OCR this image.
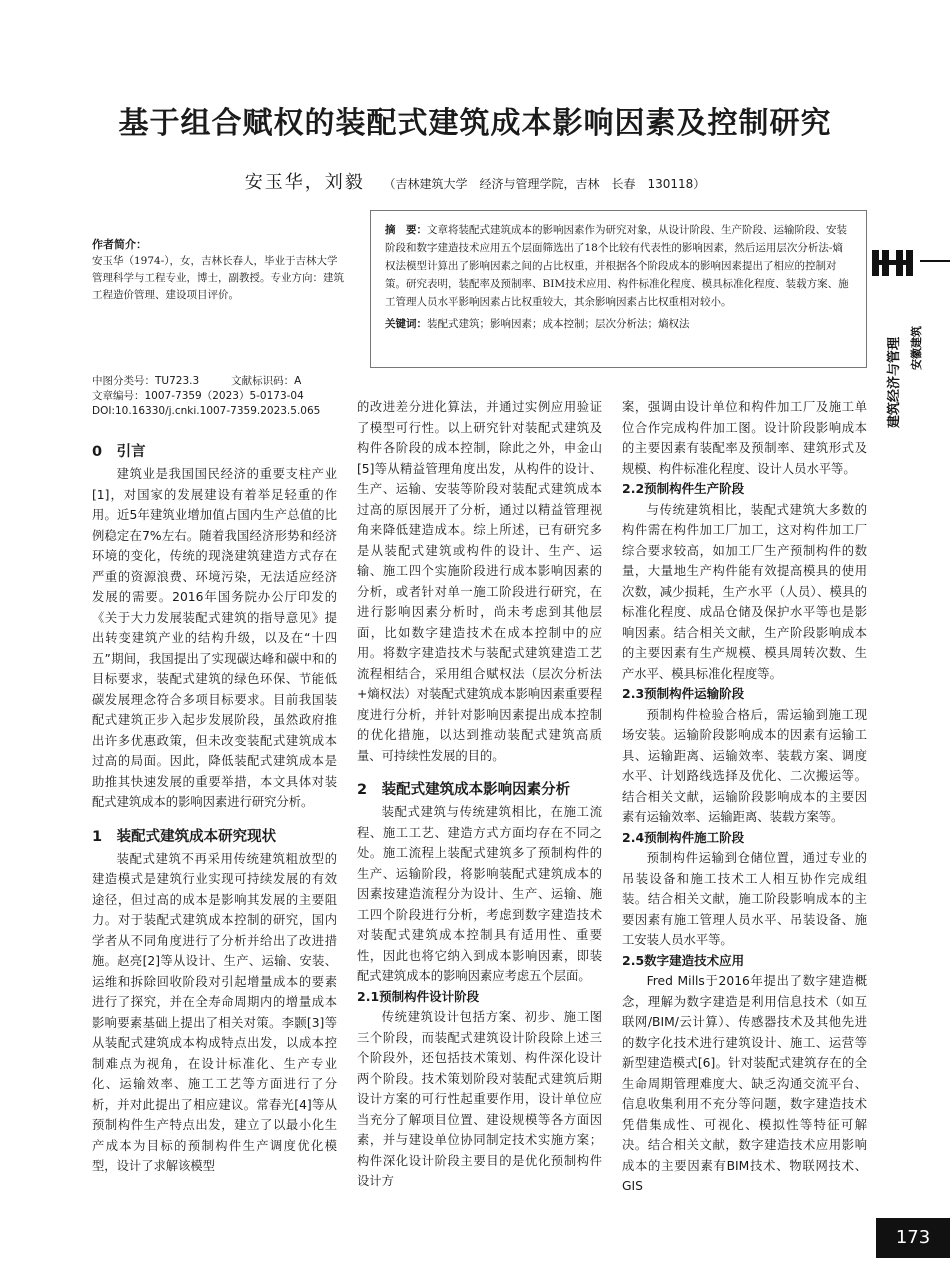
基于组合赋权的装配式建筑成本影响因素及控制研究
安玉华，刘毅 （吉林建筑大学　经济与管理学院，吉林　长春　130118）
作者简介：
安玉华（1974-），女，吉林长春人，毕业于吉林大学管理科学与工程专业，博士，副教授。专业方向：建筑工程造价管理、建设项目评价。

摘　要：文章将装配式建筑成本的影响因素作为研究对象，从设计阶段、生产阶段、运输阶段、安装阶段和数字建造技术应用五个层面筛选出了18个比较有代表性的影响因素，然后运用层次分析法-熵权法模型计算出了影响因素之间的占比权重，并根据各个阶段成本的影响因素提出了相应的控制对策。研究表明，装配率及预制率、BIM技术应用、构件标准化程度、模具标准化程度、装载方案、施工管理人员水平影响因素占比权重较大，其余影响因素占比权重相对较小。

关键词：装配式建筑；影响因素；成本控制；层次分析法；熵权法

中图分类号：TU723.3	文献标识码：A
文章编号：1007-7359（2023）5-0173-04
DOI:10.16330/j.cnki.1007-7359.2023.5.065
0　引言

建筑业是我国国民经济的重要支柱产业[1]，对国家的发展建设有着举足轻重的作用。近5年建筑业增加值占国内生产总值的比例稳定在7%左右。随着我国经济形势和经济环境的变化，传统的现浇建筑建造方式存在严重的资源浪费、环境污染，无法适应经济发展的需要。2016年国务院办公厅印发的《关于大力发展装配式建筑的指导意见》提出转变建筑产业的结构升级，以及在“十四五”期间，我国提出了实现碳达峰和碳中和的目标要求，装配式建筑的绿色环保、节能低碳发展理念符合多项目标要求。目前我国装配式建筑正步入起步发展阶段，虽然政府推出许多优惠政策，但未改变装配式建筑成本过高的局面。因此，降低装配式建筑成本是助推其快速发展的重要举措，本文具体对装配式建筑成本的影响因素进行研究分析。

1　装配式建筑成本研究现状

装配式建筑不再采用传统建筑粗放型的建造模式是建筑行业实现可持续发展的有效途径，但过高的成本是影响其发展的主要阻力。对于装配式建筑成本控制的研究，国内学者从不同角度进行了分析并给出了改进措施。赵亮[2]等从设计、生产、运输、安装、运维和拆除回收阶段对引起增量成本的要素进行了探究，并在全寿命周期内的增量成本影响要素基础上提出了相关对策。李颢[3]等从装配式建筑成本构成特点出发，以成本控制难点为视角，在设计标准化、生产专业化、运输效率、施工工艺等方面进行了分析，并对此提出了相应建议。常春光[4]等从预制构件生产特点出发，建立了以最小化生产成本为目标的预制构件生产调度优化模型，设计了求解该模型

的改进差分进化算法，并通过实例应用验证了模型可行性。以上研究针对装配式建筑及构件各阶段的成本控制，除此之外，申金山[5]等从精益管理角度出发，从构件的设计、生产、运输、安装等阶段对装配式建筑成本过高的原因展开了分析，通过以精益管理视角来降低建造成本。综上所述，已有研究多是从装配式建筑或构件的设计、生产、运输、施工四个实施阶段进行成本影响因素的分析，或者针对单一施工阶段进行研究，在进行影响因素分析时，尚未考虑到其他层面，比如数字建造技术在成本控制中的应用。将数字建造技术与装配式建筑建造工艺流程相结合，采用组合赋权法（层次分析法+熵权法）对装配式建筑成本影响因素重要程度进行分析，并针对影响因素提出成本控制的优化措施，以达到推动装配式建筑高质量、可持续性发展的目的。

2　装配式建筑成本影响因素分析

装配式建筑与传统建筑相比，在施工流程、施工工艺、建造方式方面均存在不同之处。施工流程上装配式建筑多了预制构件的生产、运输阶段，将影响装配式建筑成本的因素按建造流程分为设计、生产、运输、施工四个阶段进行分析，考虑到数字建造技术对装配式建筑成本控制具有适用性、重要性，因此也将它纳入到成本影响因素，即装配式建筑成本的影响因素应考虑五个层面。

2.1预制构件设计阶段

传统建筑设计包括方案、初步、施工图三个阶段，而装配式建筑设计阶段除上述三个阶段外，还包括技术策划、构件深化设计两个阶段。技术策划阶段对装配式建筑后期设计方案的可行性起重要作用，设计单位应当充分了解项目位置、建设规模等各方面因素，并与建设单位协同制定技术实施方案；构件深化设计阶段主要目的是优化预制构件设计方

案，强调由设计单位和构件加工厂及施工单位合作完成构件加工图。设计阶段影响成本的主要因素有装配率及预制率、建筑形式及规模、构件标准化程度、设计人员水平等。

2.2预制构件生产阶段

与传统建筑相比，装配式建筑大多数的构件需在构件加工厂加工，这对构件加工厂综合要求较高，如加工厂生产预制构件的数量，大量地生产构件能有效提高模具的使用次数，减少损耗，生产水平（人员）、模具的标准化程度、成品仓储及保护水平等也是影响因素。结合相关文献，生产阶段影响成本的主要因素有生产规模、模具周转次数、生产水平、模具标准化程度等。

2.3预制构件运输阶段

预制构件检验合格后，需运输到施工现场安装。运输阶段影响成本的因素有运输工具、运输距离、运输效率、装载方案、调度水平、计划路线选择及优化、二次搬运等。结合相关文献，运输阶段影响成本的主要因素有运输效率、运输距离、装载方案等。

2.4预制构件施工阶段

预制构件运输到仓储位置，通过专业的吊装设备和施工技术工人相互协作完成组装。结合相关文献，施工阶段影响成本的主要因素有施工管理人员水平、吊装设备、施工安装人员水平等。

2.5数字建造技术应用

Fred Mills于2016年提出了数字建造概念，理解为数字建造是利用信息技术（如互联网/BIM/云计算）、传感器技术及其他先进的数字化技术进行建筑设计、施工、运营等新型建造模式[6]。针对装配式建筑存在的全生命周期管理难度大、缺乏沟通交流平台、信息收集利用不充分等问题，数字建造技术凭借集成性、可视化、模拟性等特征可解决。结合相关文献，数字建造技术应用影响成本的主要因素有BIM技术、物联网技术、GIS

建筑经济与管理 安徽建筑
173
